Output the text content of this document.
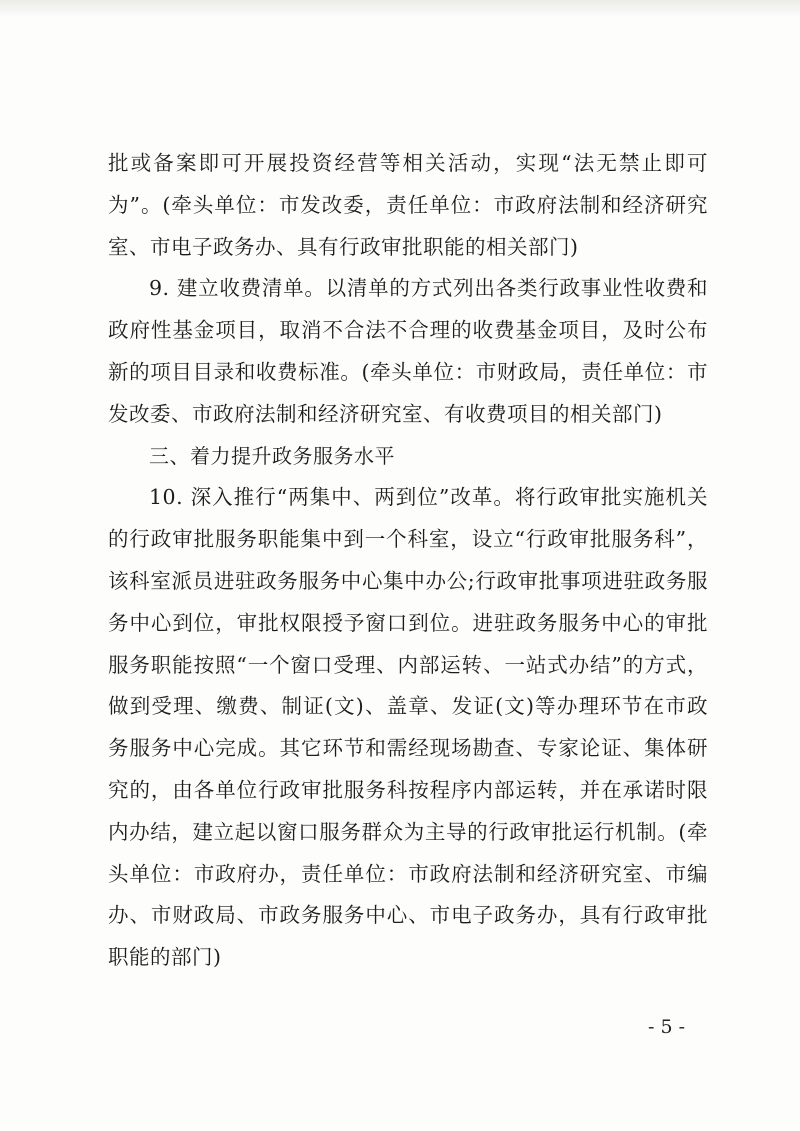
批或备案即可开展投资经营等相关活动，实现“法无禁止即可为”。(牵头单位：市发改委，责任单位：市政府法制和经济研究室、市电子政务办、具有行政审批职能的相关部门)

9. 建立收费清单。以清单的方式列出各类行政事业性收费和政府性基金项目，取消不合法不合理的收费基金项目，及时公布新的项目目录和收费标准。(牵头单位：市财政局，责任单位：市发改委、市政府法制和经济研究室、有收费项目的相关部门)

三、着力提升政务服务水平

10. 深入推行“两集中、两到位”改革。将行政审批实施机关的行政审批服务职能集中到一个科室，设立“行政审批服务科”，该科室派员进驻政务服务中心集中办公;行政审批事项进驻政务服务中心到位，审批权限授予窗口到位。进驻政务服务中心的审批服务职能按照“一个窗口受理、内部运转、一站式办结”的方式，做到受理、缴费、制证(文)、盖章、发证(文)等办理环节在市政务服务中心完成。其它环节和需经现场勘查、专家论证、集体研究的，由各单位行政审批服务科按程序内部运转，并在承诺时限内办结，建立起以窗口服务群众为主导的行政审批运行机制。(牵头单位：市政府办，责任单位：市政府法制和经济研究室、市编办、市财政局、市政务服务中心、市电子政务办，具有行政审批职能的部门)

- 5 -
